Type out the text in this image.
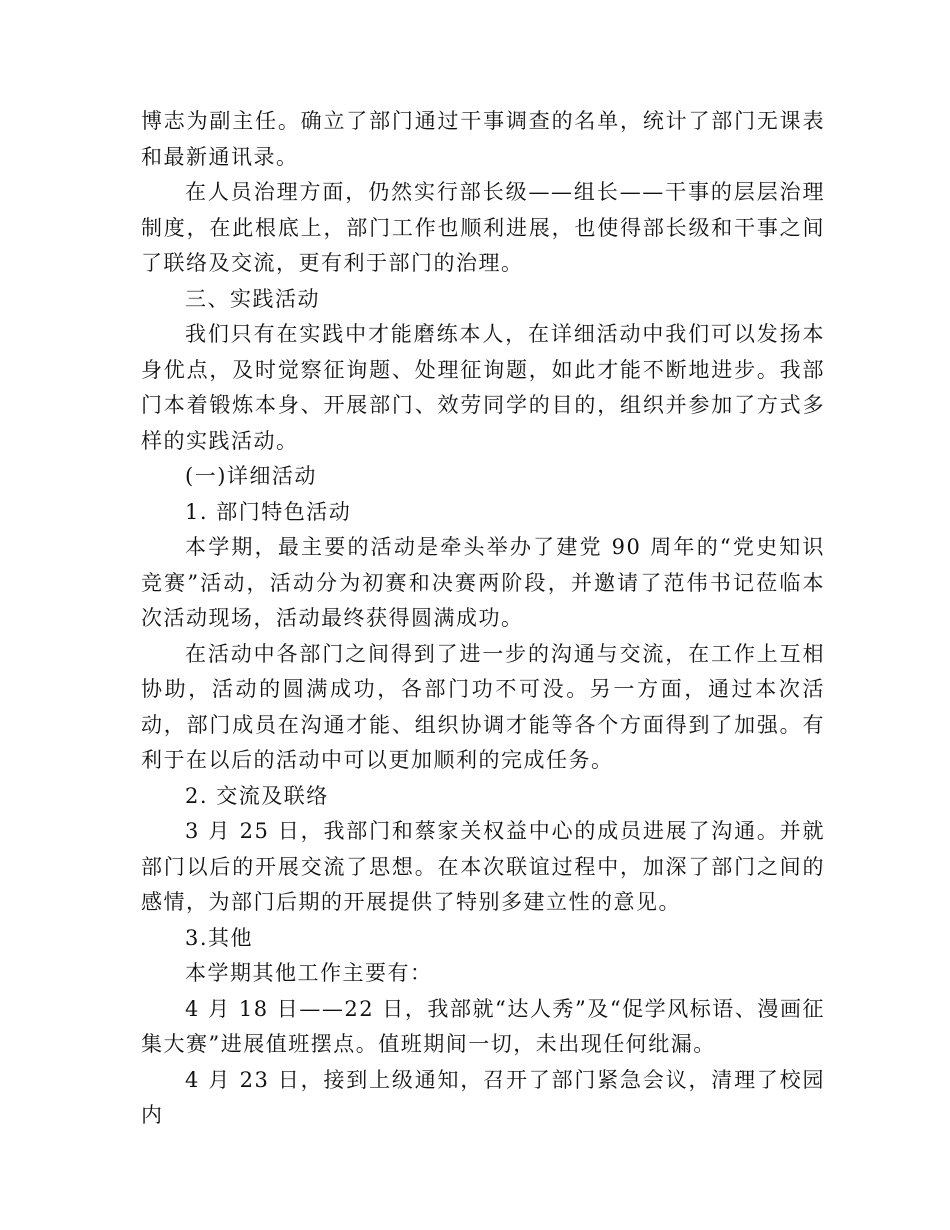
博志为副主任。确立了部门通过干事调查的名单，统计了部门无课表和最新通讯录。

在人员治理方面，仍然实行部长级——组长——干事的层层治理制度，在此根底上，部门工作也顺利进展，也使得部长级和干事之间了联络及交流，更有利于部门的治理。

三、实践活动

我们只有在实践中才能磨练本人，在详细活动中我们可以发扬本身优点，及时觉察征询题、处理征询题，如此才能不断地进步。我部门本着锻炼本身、开展部门、效劳同学的目的，组织并参加了方式多样的实践活动。

(一)详细活动

1. 部门特色活动

本学期，最主要的活动是牵头举办了建党 90 周年的“党史知识竞赛”活动，活动分为初赛和决赛两阶段，并邀请了范伟书记莅临本次活动现场，活动最终获得圆满成功。

在活动中各部门之间得到了进一步的沟通与交流，在工作上互相协助，活动的圆满成功，各部门功不可没。另一方面，通过本次活动，部门成员在沟通才能、组织协调才能等各个方面得到了加强。有利于在以后的活动中可以更加顺利的完成任务。

2. 交流及联络

3 月 25 日，我部门和蔡家关权益中心的成员进展了沟通。并就部门以后的开展交流了思想。在本次联谊过程中，加深了部门之间的感情，为部门后期的开展提供了特别多建立性的意见。

3.其他

本学期其他工作主要有：

4 月 18 日——22 日，我部就“达人秀”及“促学风标语、漫画征集大赛”进展值班摆点。值班期间一切，未出现任何纰漏。

4 月 23 日，接到上级通知，召开了部门紧急会议，清理了校园内
